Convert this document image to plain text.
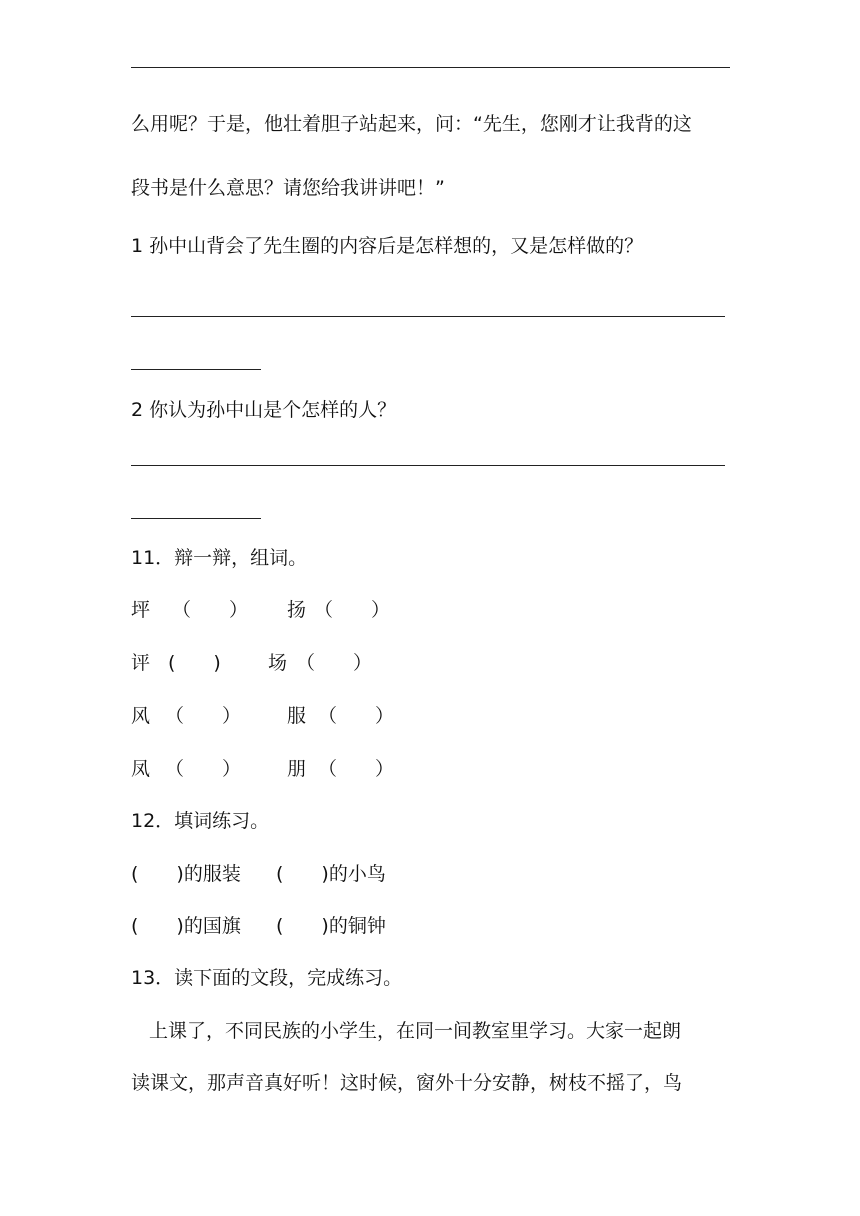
么用呢？于是，他壮着胆子站起来，问：“先生，您刚才让我背的这
段书是什么意思？请您给我讲讲吧！”
1 孙中山背会了先生圈的内容后是怎样想的，又是怎样做的？
2 你认为孙中山是个怎样的人？
11．辩一辩，组词。
坪 （　　） 扬 （　　）
评 (　　) 场 （　　）
风 （　　） 服 （　　）
凤 （　　） 朋 （　　）
12．填词练习。
(　　)的服装 (　　)的小鸟
(　　)的国旗 (　　)的铜钟
13．读下面的文段，完成练习。
上课了，不同民族的小学生，在同一间教室里学习。大家一起朗
读课文，那声音真好听！这时候，窗外十分安静，树枝不摇了，鸟
